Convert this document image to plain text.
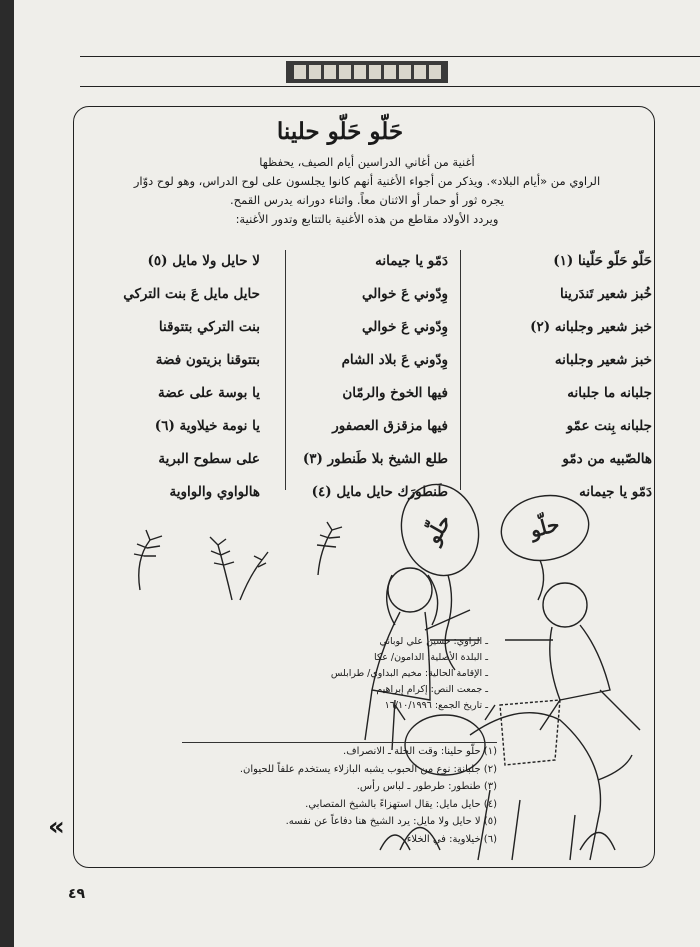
حَلّو حَلّو حلينا
أغنية من أغاني الدراسين أيام الصيف، يحفظها
الراوي من «أيام البلاد». ويذكر من أجواء الأغنية أنهم كانوا يجلسون على لوح الدراس، وهو لوح دوّار
يجره ثور أو حمار أو الاثنان معاً. واثناء دورانه يدرس القمح.
ويردد الأولاد مقاطع من هذه الأغنية بالتتابع وتدور الأغنية:
حَلّو حَلّو حَلّينا (١)
خُبز شعير تَندَرينا
خبز شعير وجلبانه (٢)
خبز شعير وجلبانه
جلبانه ما جلبانه
جلبانه بِنت عمّو
هالصّبيه من دمّو
دَمّو يا جيمانه
دَمّو يا جيمانه
وِدّوني عَ خوالي
وِدّوني عَ خوالي
وِدّوني عَ بلاد الشام
فيها الخوخ والرمّان
فيها مزقزق العصفور
طلع الشيخ بلا طَنطور (٣)
طَنطورَك حايل مايل (٤)
لا حايل ولا مايل (٥)
حايل مايل عَ بنت التركي
بنت التركي بتتوقنا
بتتوقنا بزيتون فضة
يا بوسة على عضة
يا نومة خيلاوية (٦)
على سطوح البرية
هالواوي والواوية
حلّو	حلّو
ـ الراوي: حسين علي لوباني
ـ البلدة الأصلية: الدامون/ عكا
ـ الإقامة الحالية: مخيم البداوي/ طرابلس
ـ جمعت النص: إكرام إبراهيم
ـ تاريخ الجمع: ١٦/١٠/١٩٩٦
(١) حلّو حلينا: وقت الحلة ـ الانصراف.
(٢) جلبانة: نوع من الحبوب يشبه البازلاء يستخدم علفاً للحيوان.
(٣) طنطور: طرطور ـ لباس رأس.
(٤) حايل مايل: يقال استهزاءً بالشيخ المتصابي.
(٥) لا حايل ولا مايل: يرد الشيخ هنا دفاعاً عن نفسه.
(٦) خيلاوية: في الخلاء.
«
٤٩
